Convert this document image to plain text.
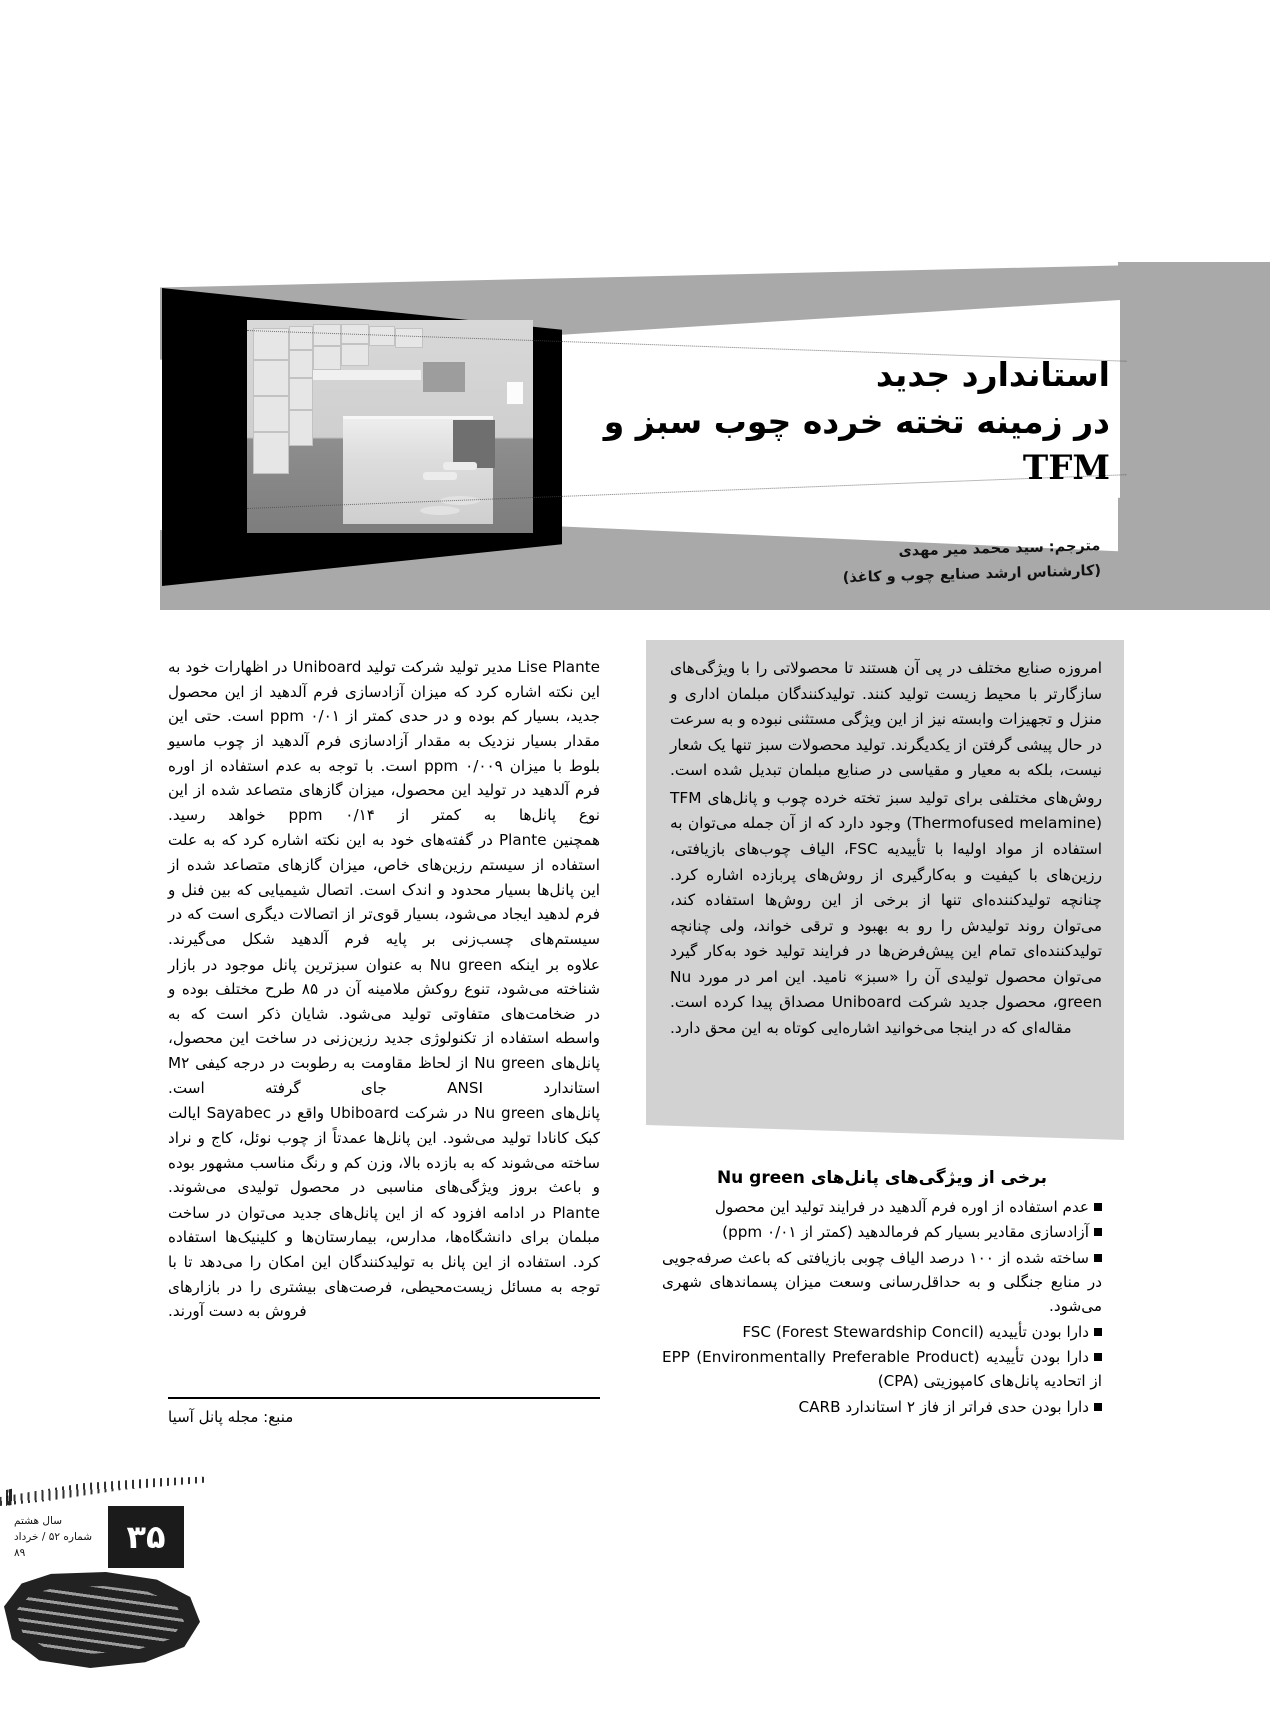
استاندارد جدید
در زمینه تخته خرده چوب سبز و
TFM
مترجم: سید محمد میر مهدی
(کارشناس ارشد صنایع چوب و کاغذ)

امروزه صنایع مختلف در پی آن هستند تا محصولاتی را با ویژگی‌های سازگارتر با محیط زیست تولید کنند. تولیدکنندگان مبلمان اداری و منزل و تجهیزات وابسته نیز از این ویژگی مستثنی نبوده و به سرعت در حال پیشی گرفتن از یکدیگرند. تولید محصولات سبز تنها یک شعار نیست، بلکه به معیار و مقیاسی در صنایع مبلمان تبدیل شده است.

روش‌های مختلفی برای تولید سبز تخته خرده چوب و پانل‌های TFM (Thermofused melamine) وجود دارد که از آن جمله می‌توان به استفاده از مواد اولیه‌ا با تأییدیه FSC، الیاف چوب‌های بازیافتی، رزین‌های با کیفیت و به‌کارگیری از روش‌های پربازده اشاره کرد. چنانچه تولیدکننده‌ای تنها از برخی از این روش‌ها استفاده کند، می‌توان روند تولیدش را رو به بهبود و ترقی خواند، ولی چنانچه تولیدکننده‌ای تمام این پیش‌فرض‌ها در فرایند تولید خود به‌کار گیرد می‌توان محصول تولیدی آن را «سبز» نامید. این امر در مورد Nu green، محصول جدید شرکت Uniboard مصداق پیدا کرده است. مقاله‌ای که در اینجا می‌خوانید اشاره‌ایی کوتاه به این محق دارد.

برخی از ویژگی‌های پانل‌های Nu green
عدم استفاده از اوره فرم آلدهید در فرایند تولید این محصول
آزادسازی مقادیر بسیار کم فرمالدهید (کمتر از ۰/۰۱ ppm)
ساخته شده از ۱۰۰ درصد الیاف چوبی بازیافتی که باعث صرفه‌جویی در منابع جنگلی و به حداقل‌رسانی وسعت میزان پسماندهای شهری می‌شود.
دارا بودن تأییدیه FSC (Forest Stewardship Concil)
دارا بودن تأییدیه EPP (Environmentally Preferable Product) از اتحادیه پانل‌های کامپوزیتی (CPA)
دارا بودن حدی فراتر از فاز ۲ استاندارد CARB

Lise Plante مدیر تولید شرکت تولید Uniboard در اظهارات خود به این نکته اشاره کرد که میزان آزادسازی فرم آلدهید از این محصول جدید، بسیار کم بوده و در حدی کمتر از ۰/۰۱ ppm است. حتی این مقدار بسیار نزدیک به مقدار آزادسازی فرم آلدهید از چوب ماسیو بلوط با میزان ۰/۰۰۹ ppm است. با توجه به عدم استفاده از اوره فرم آلدهید در تولید این محصول، میزان گازهای متصاعد شده از این نوع پانل‌ها به کمتر از ۰/۱۴ ppm خواهد رسید.

همچنین Plante در گفته‌های خود به این نکته اشاره کرد که به علت استفاده از سیستم رزین‌های خاص، میزان گازهای متصاعد شده از این پانل‌ها بسیار محدود و اندک است. اتصال شیمیایی که بین فنل و فرم لدهید ایجاد می‌شود، بسیار قوی‌تر از اتصالات دیگری است که در سیستم‌های چسب‌زنی بر پایه فرم آلدهید شکل می‌گیرند.

علاوه بر اینکه Nu green به عنوان سبزترین پانل موجود در بازار شناخته می‌شود، تنوع روکش ملامینه آن در ۸۵ طرح مختلف بوده و در ضخامت‌های متفاوتی تولید می‌شود. شایان ذکر است که به واسطه استفاده از تکنولوژی جدید رزین‌زنی در ساخت این محصول، پانل‌های Nu green از لحاظ مقاومت به رطوبت در درجه کیفی M۲ استاندارد ANSI جای گرفته است.

پانل‌های Nu green در شرکت Ubiboard واقع در Sayabec ایالت کبک کانادا تولید می‌شود. این پانل‌ها عمدتاً از چوب نوئل، کاج و نراد ساخته می‌شوند که به بازده بالا، وزن کم و رنگ مناسب مشهور بوده و باعث بروز ویژگی‌های مناسبی در محصول تولیدی می‌شوند.

Plante در ادامه افزود که از این پانل‌های جدید می‌توان در ساخت مبلمان برای دانشگاه‌ها، مدارس، بیمارستان‌ها و کلینیک‌ها استفاده کرد. استفاده از این پانل به تولیدکنندگان این امکان را می‌دهد تا با توجه به مسائل زیست‌محیطی، فرصت‌های بیشتری را در بازارهای فروش به دست آورند.

منبع: مجله پانل آسیا
سال هشتم
شماره ۵۲ / خرداد ۸۹	۳۵
